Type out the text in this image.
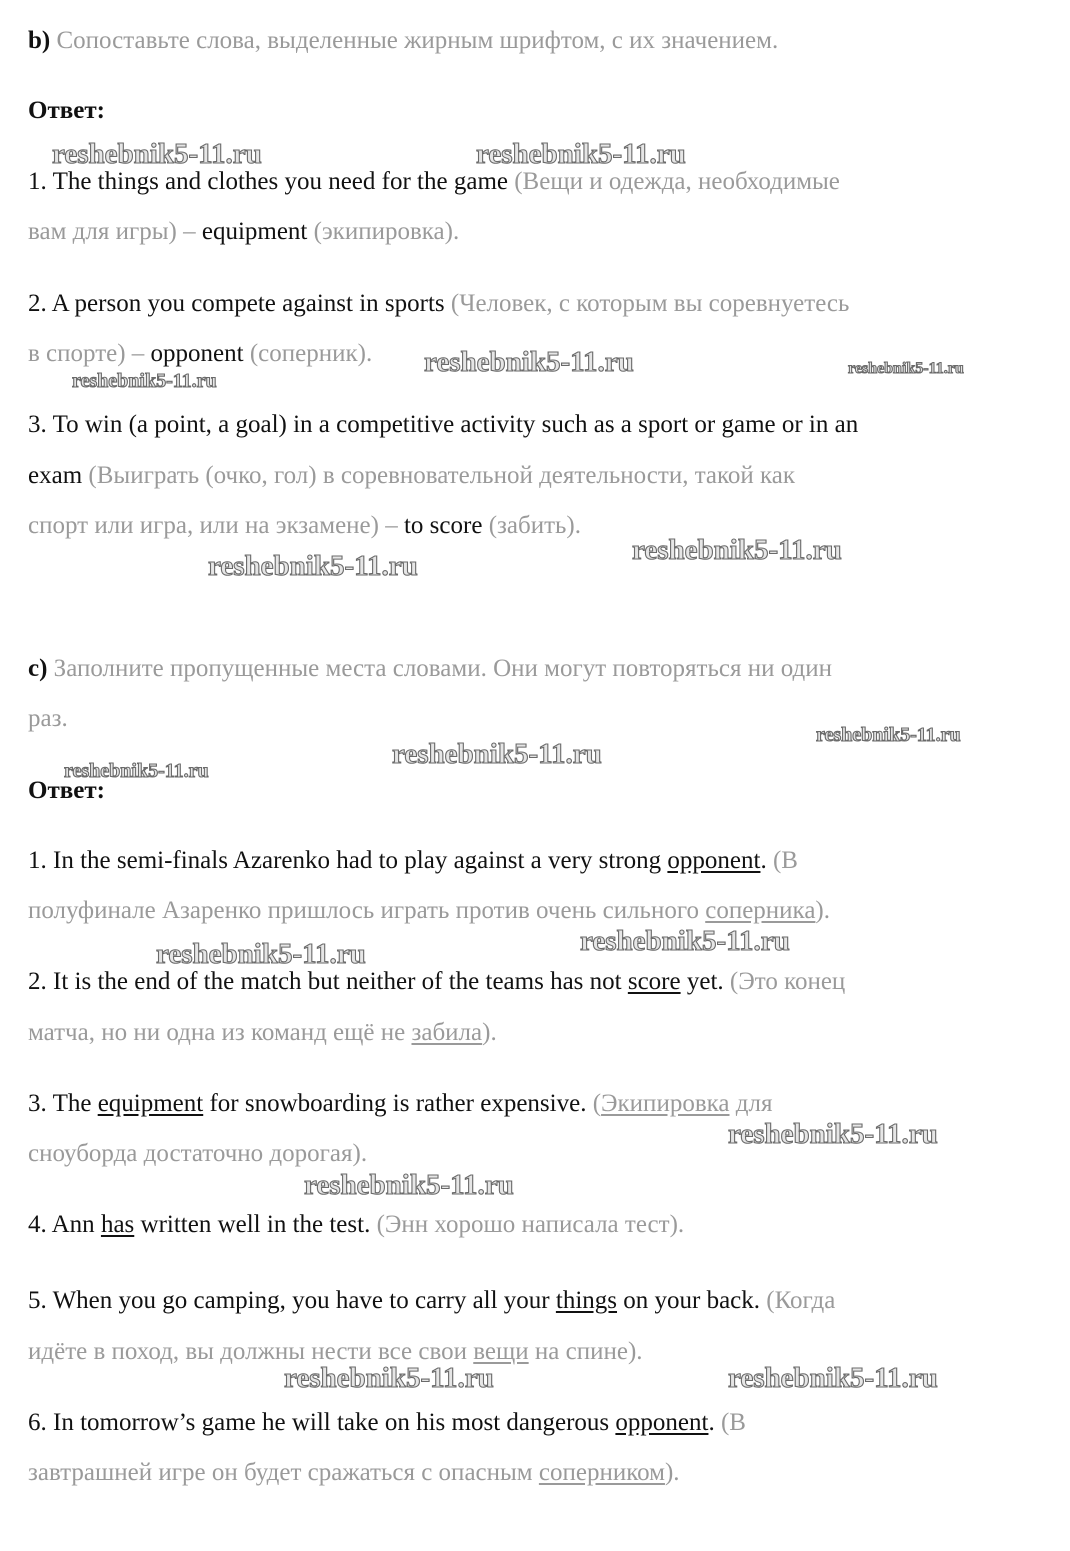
b) Сопоставьте слова, выделенные жирным шрифтом, с их значением.
Ответ:
1. The things and clothes you need for the game (Вещи и одежда, необходимые
вам для игры) – equipment (экипировка).
2. A person you compete against in sports (Человек, с которым вы соревнуетесь
в спорте) – opponent (соперник).
3. To win (a point, a goal) in a competitive activity such as a sport or game or in an
exam (Выиграть (очко, гол) в соревновательной деятельности, такой как
спорт или игра, или на экзамене) – to score (забить).
c) Заполните пропущенные места словами. Они могут повторяться ни один
раз.
Ответ:
1. In the semi-finals Azarenko had to play against a very strong opponent. (В
полуфинале Азаренко пришлось играть против очень сильного соперника).
2. It is the end of the match but neither of the teams has not score yet. (Это конец
матча, но ни одна из команд ещё не забила).
3. The equipment for snowboarding is rather expensive. (Экипировка для
сноуборда достаточно дорогая).
4. Ann has written well in the test. (Энн хорошо написала тест).
5. When you go camping, you have to carry all your things on your back. (Когда
идёте в поход, вы должны нести все свои вещи на спине).
6. In tomorrow’s game he will take on his most dangerous opponent. (В
завтрашней игре он будет сражаться с опасным соперником).
reshebnik5-11.ru	reshebnik5-11.ru
reshebnik5-11.ru
reshebnik5-11.ru	reshebnik5-11.ru
reshebnik5-11.ru	reshebnik5-11.ru
reshebnik5-11.ru
reshebnik5-11.ru
reshebnik5-11.ru
reshebnik5-11.ru	reshebnik5-11.ru
reshebnik5-11.ru
reshebnik5-11.ru
reshebnik5-11.ru	reshebnik5-11.ru
